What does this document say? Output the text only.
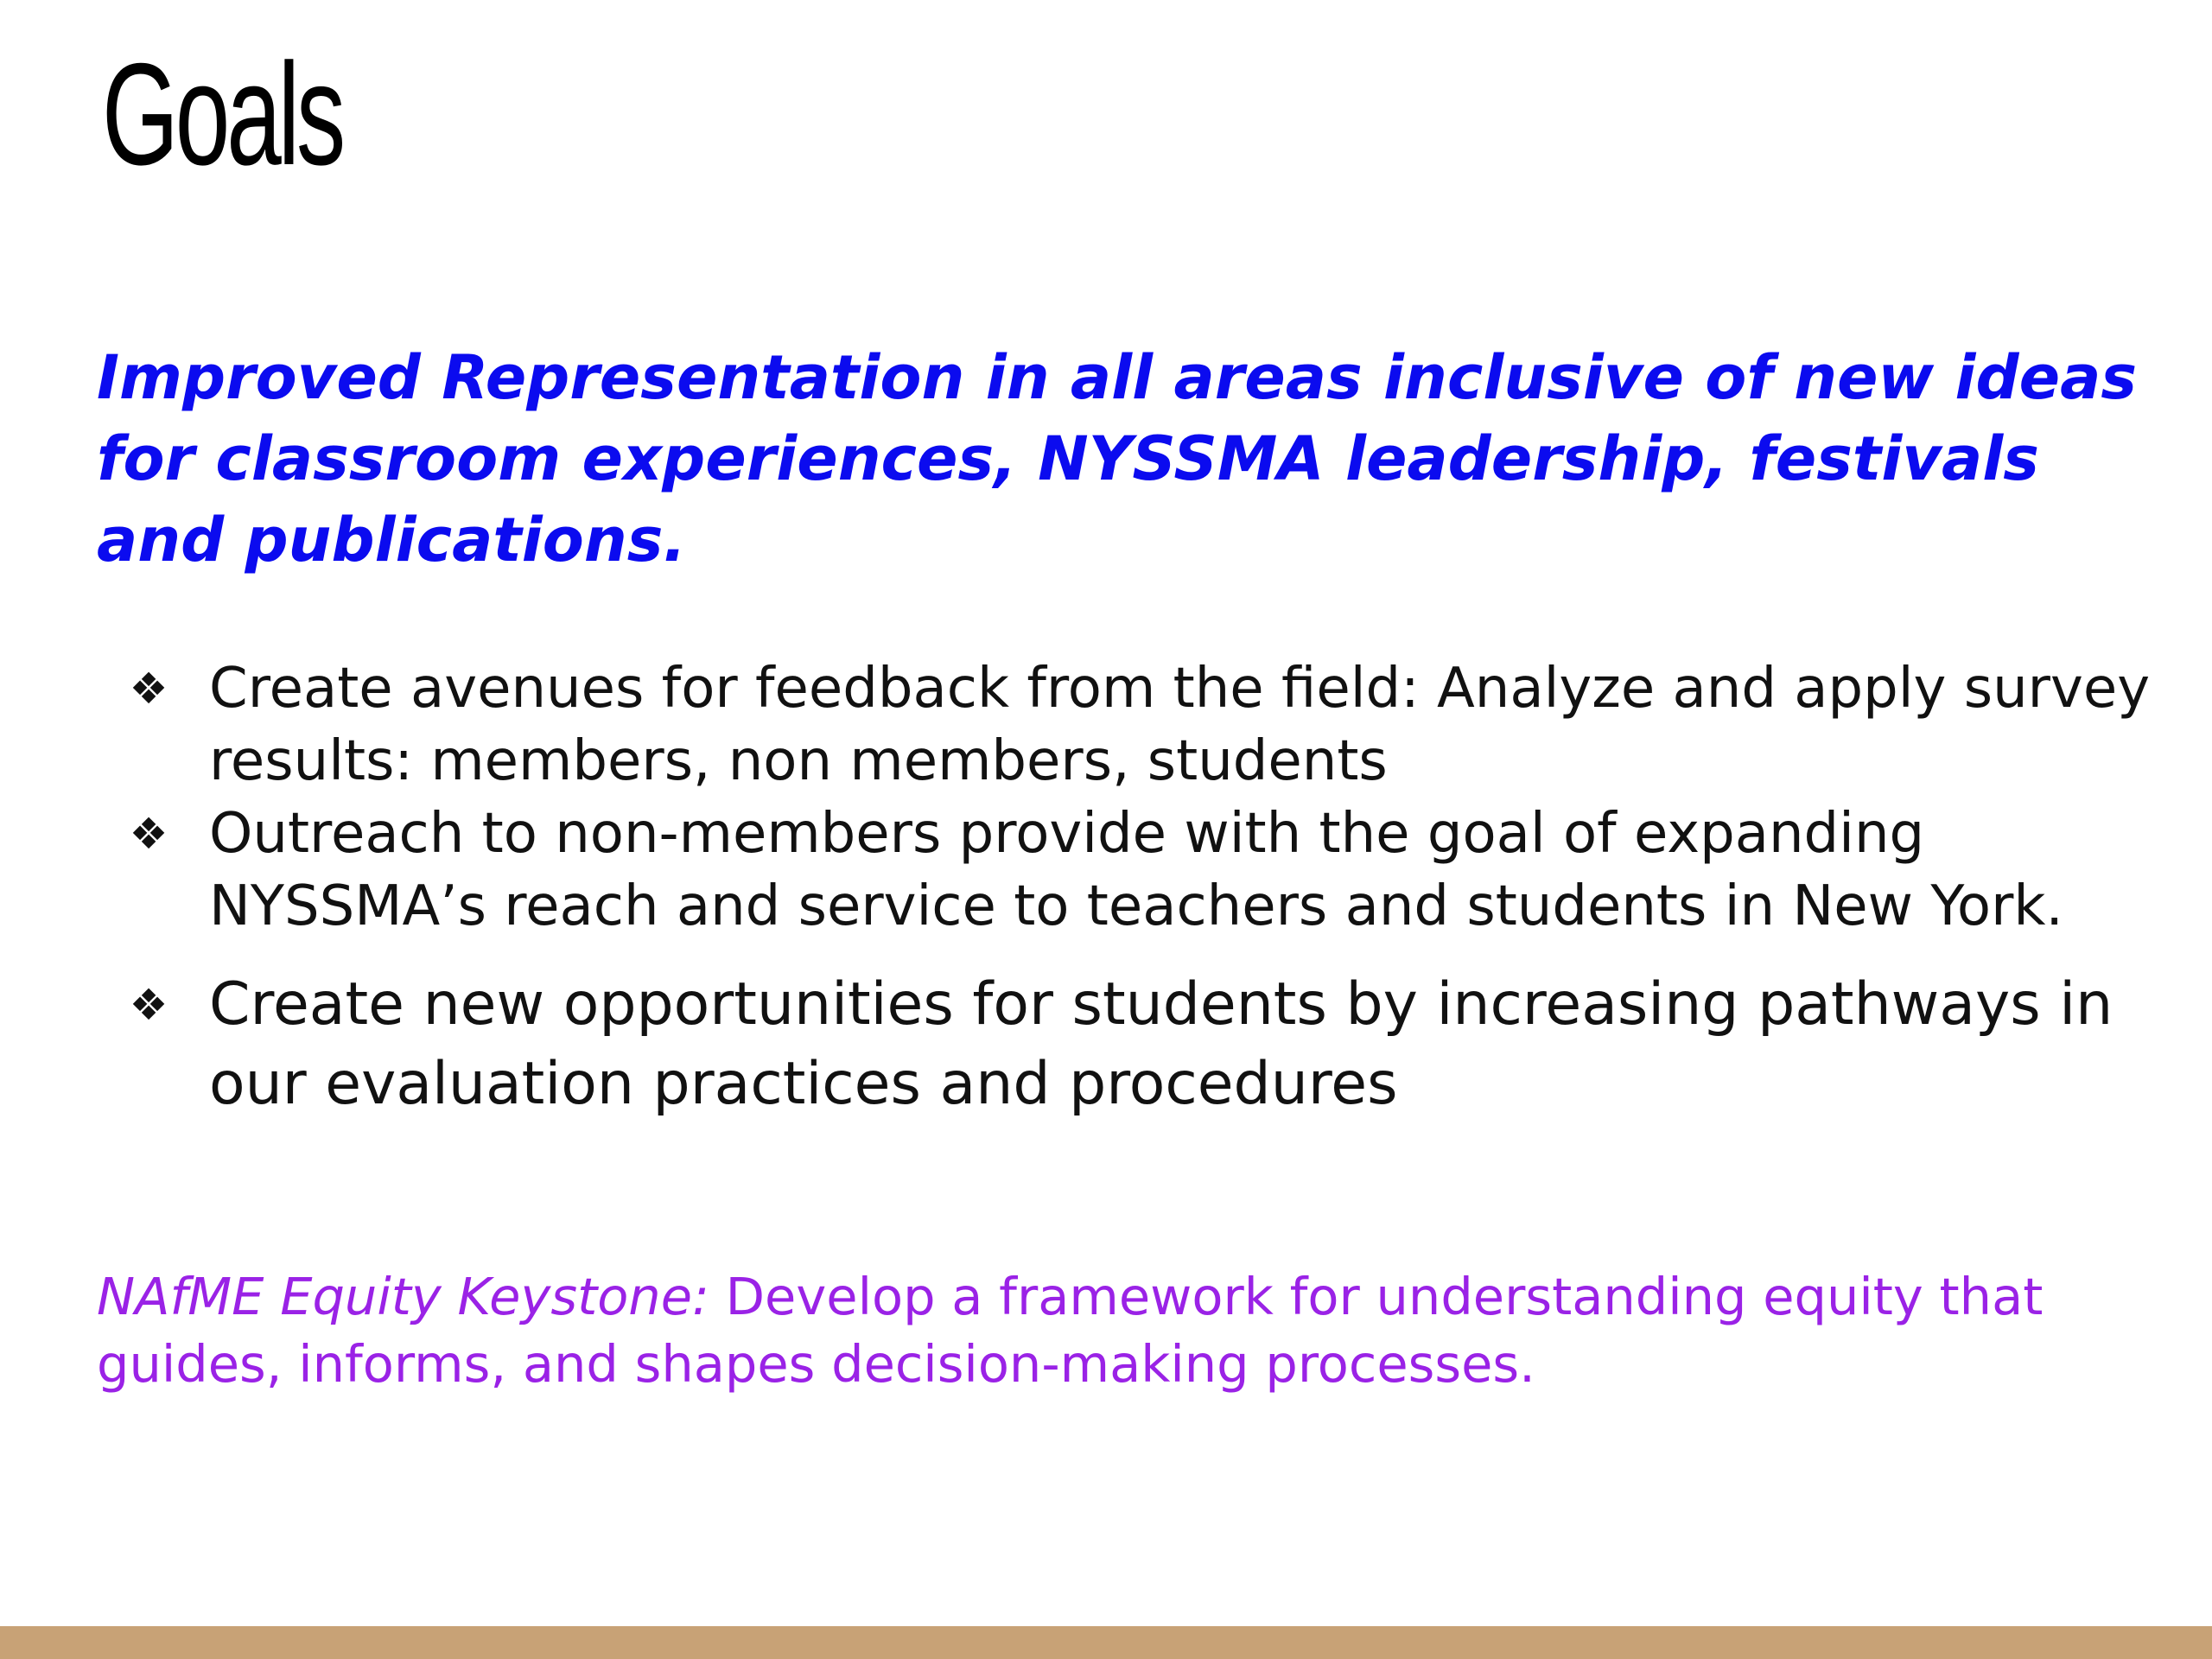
Goals

Improved Representation in all areas inclusive of new ideas for classroom experiences, NYSSMA leadership, festivals and publications.

❖ Create avenues for feedback from the field: Analyze and apply survey results: members, non members, students
❖ Outreach to non-members provide with the goal of expanding NYSSMA’s reach and service to teachers and students in New York.
❖ Create new opportunities for students by increasing pathways in our evaluation practices and procedures

NAfME Equity Keystone: Develop a framework for understanding equity that guides, informs, and shapes decision-making processes.
